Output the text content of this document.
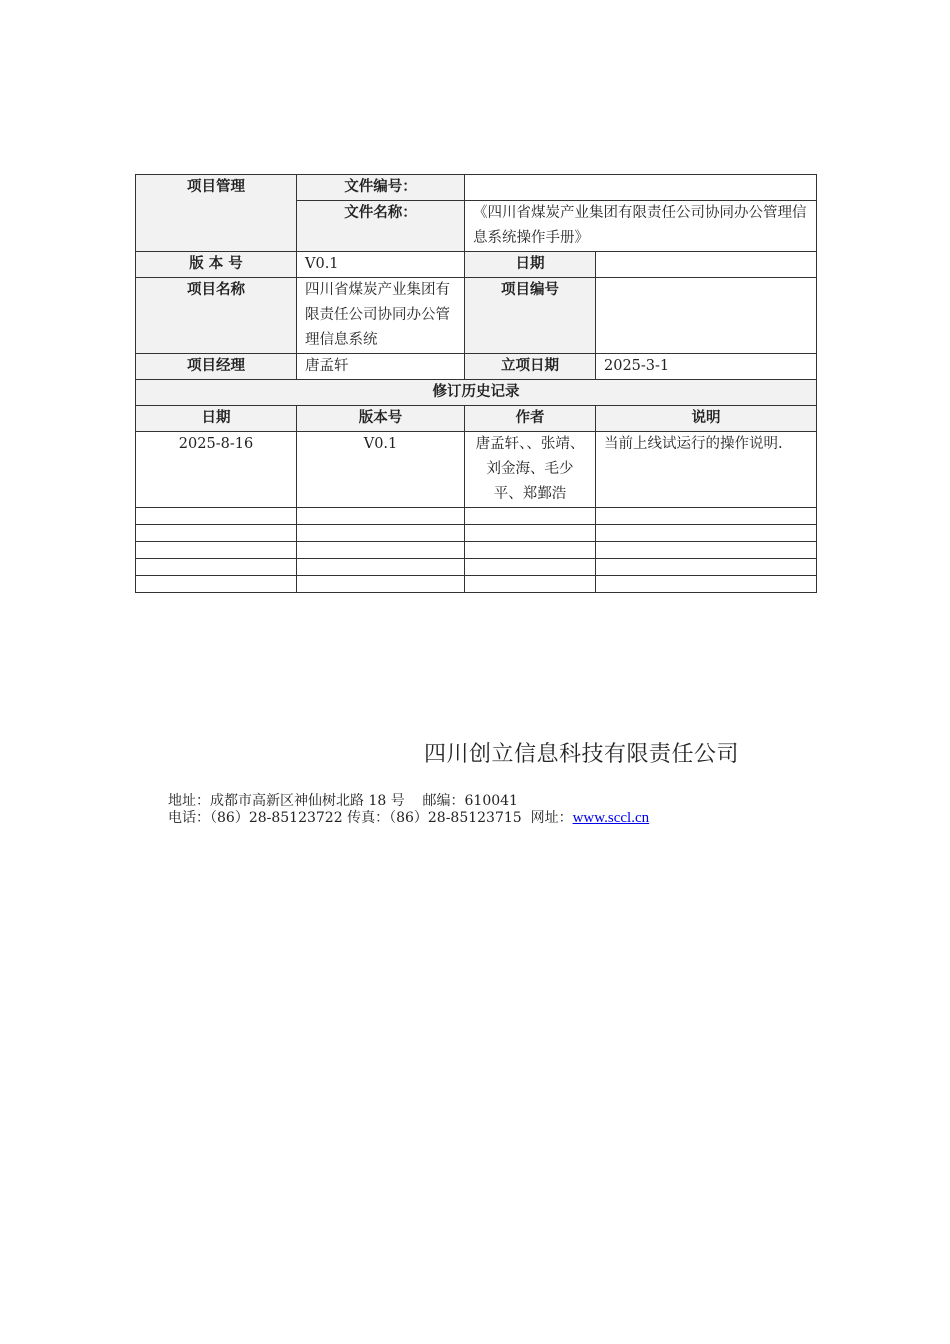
项目管理	文件编号：		
	文件名称：	《四川省煤炭产业集团有限责任公司协同办公管理信息系统操作手册》	
版 本 号	V0.1	日期	
项目名称	四川省煤炭产业集团有限责任公司协同办公管理信息系统	项目编号	
项目经理	唐孟轩	立项日期	2025-3-1
修订历史记录			
日期	版本号	作者	说明
2025-8-16	V0.1	唐孟轩、、张靖、刘金海、毛少平、郑鄞浩	当前上线试运行的操作说明.

四川创立信息科技有限责任公司
地址：成都市高新区神仙树北路 18 号    邮编：610041
电话：（86）28-85123722 传真：（86）28-85123715  网址：www.sccl.cn
